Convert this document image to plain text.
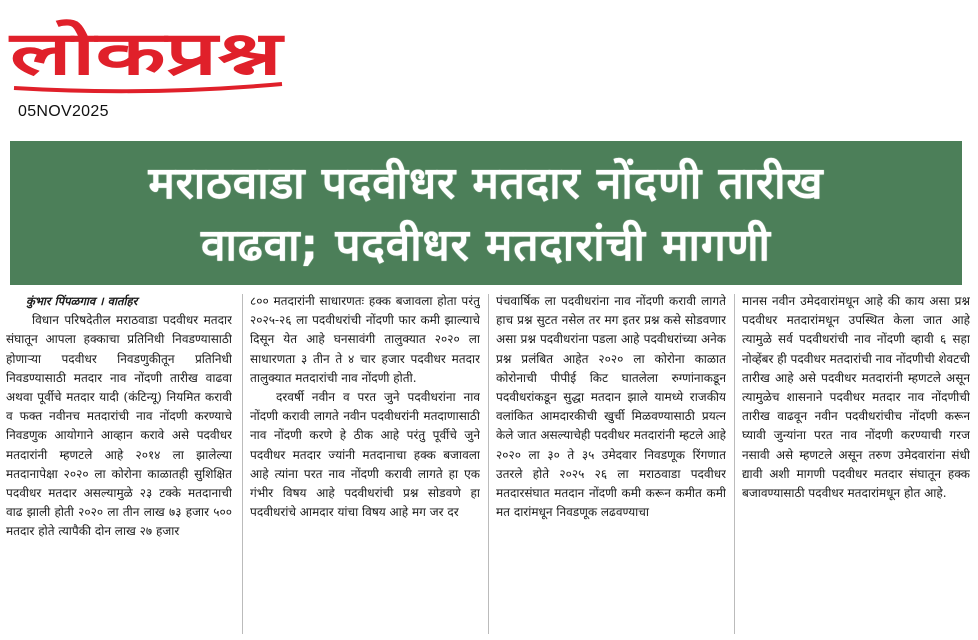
लोकप्रश्न
05NOV2025
मराठवाडा पदवीधर मतदार नोंदणी तारीख
वाढवा; पदवीधर मतदारांची मागणी
कुंभार पिंपळगाव । वार्ताहर

विधान परिषदेतील मराठवाडा पदवीधर मतदार संघातून आपला हक्काचा प्रतिनिधी निवडण्यासाठी होणाऱ्या पदवीधर निवडणुकीतून प्रतिनिधी निवडण्यासाठी मतदार नाव नोंदणी तारीख वाढवा अथवा पूर्वीचे मतदार यादी (कंटिन्यू) नियमित करावी व फक्त नवीनच मतदारांची नाव नोंदणी करण्याचे निवडणुक आयोगाने आव्हान करावे असे पदवीधर मतदारांनी म्हणटले आहे २०१४ ला झालेल्या मतदानापेक्षा २०२० ला कोरोना काळातही सुशिक्षित पदवीधर मतदार असल्यामुळे २३ टक्के मतदानाची वाढ झाली होती २०२० ला तीन लाख ७३ हजार ५०० मतदार होते त्यापैकी दोन लाख २७ हजार

८०० मतदारांनी साधारणतः हक्क बजावला होता परंतु २०२५-२६ ला पदवीधरांची नोंदणी फार कमी झाल्याचे दिसून येत आहे घनसावंगी तालुक्यात २०२० ला साधारणता ३ तीन ते ४ चार हजार पदवीधर मतदार तालुक्यात मतदारांची नाव नोंदणी होती.

दरवर्षी नवीन व परत जुने पदवीधरांना नाव नोंदणी करावी लागते नवीन पदवीधरांनी मतदाणासाठी नाव नोंदणी करणे हे ठीक आहे परंतु पूर्वीचे जुने पदवीधर मतदार ज्यांनी मतदानाचा हक्क बजावला आहे त्यांना परत नाव नोंदणी करावी लागते हा एक गंभीर विषय आहे पदवीधरांची प्रश्न सोडवणे हा पदवीधरांचे आमदार यांचा विषय आहे मग जर दर

पंचवार्षिक ला पदवीधरांना नाव नोंदणी करावी लागते हाच प्रश्न सुटत नसेल तर मग इतर प्रश्न कसे सोडवणार असा प्रश्न पदवीधरांना पडला आहे पदवीधरांच्या अनेक प्रश्न प्रलंबित आहेत २०२० ला कोरोना काळात कोरोनाची पीपीई किट घातलेला रुग्णांनाकडून पदवीधरांकडून सुद्धा मतदान झाले यामध्ये राजकीय वलांकित आमदारकीची खुर्ची मिळवण्यासाठी प्रयत्न केले जात असल्याचेही पदवीधर मतदारांनी म्हटले आहे २०२० ला ३० ते ३५ उमेदवार निवडणूक रिंगणात उतरले होते २०२५ २६ ला मराठवाडा पदवीधर मतदारसंघात मतदान नोंदणी कमी करून कमीत कमी मत दारांमधून निवडणूक लढवण्याचा

मानस नवीन उमेदवारांमधून आहे की काय असा प्रश्न पदवीधर मतदारांमधून उपस्थित केला जात आहे त्यामुळे सर्व पदवीधरांची नाव नोंदणी व्हावी ६ सहा नोव्हेंबर ही पदवीधर मतदारांची नाव नोंदणीची शेवटची तारीख आहे असे पदवीधर मतदारांनी म्हणटले असून त्यामुळेच शासनाने पदवीधर मतदार नाव नोंदणीची तारीख वाढवून नवीन पदवीधरांचीच नोंदणी करून घ्यावी जुन्यांना परत नाव नोंदणी करण्याची गरज नसावी असे म्हणटले असून तरुण उमेदवारांना संधी द्यावी अशी मागणी पदवीधर मतदार संघातून हक्क बजावण्यासाठी पदवीधर मतदारांमधून होत आहे.
